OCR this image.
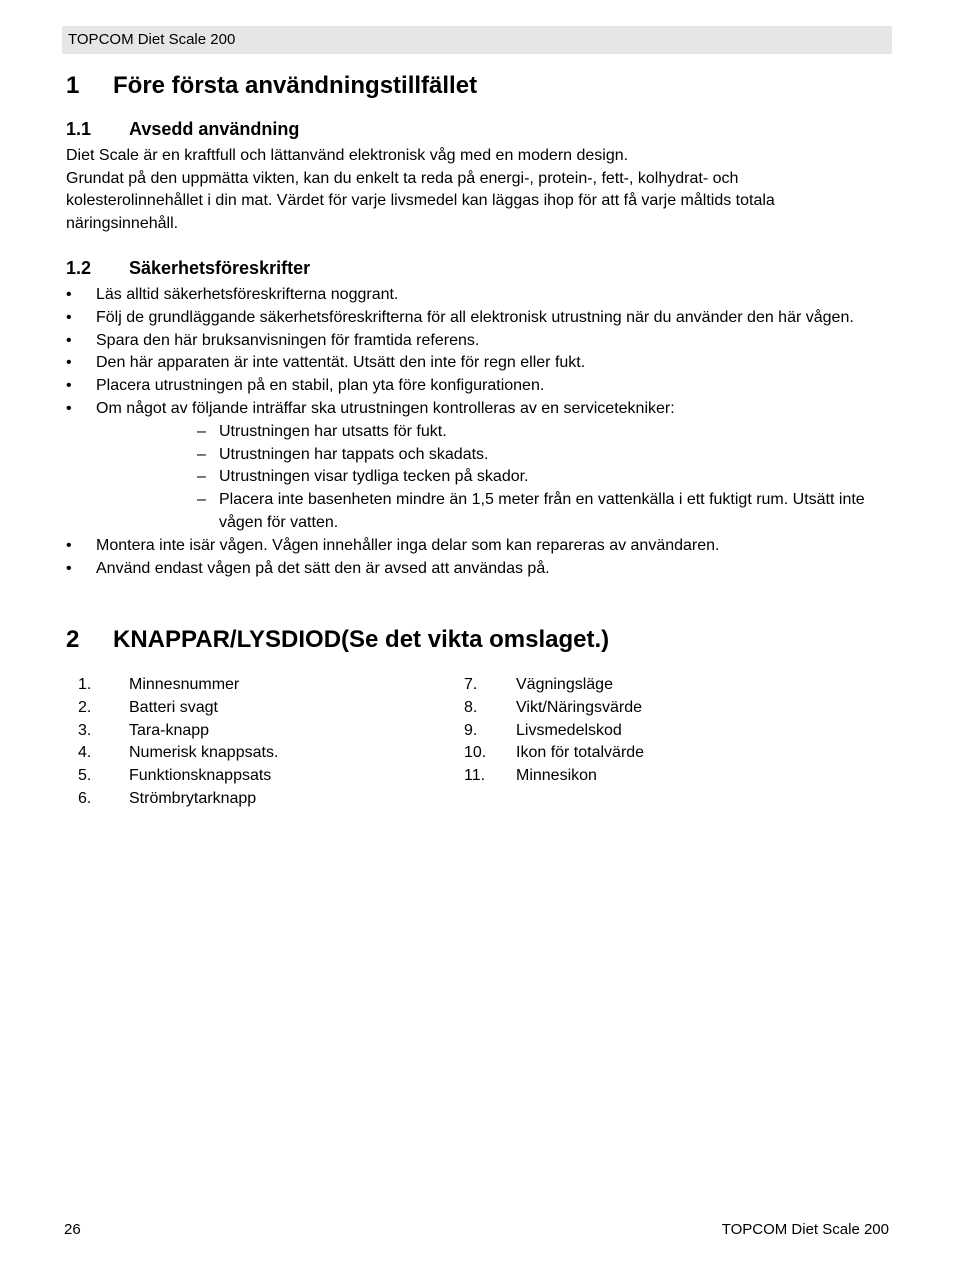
TOPCOM Diet Scale 200
1 Före första användningstillfället
1.1 Avsedd användning
Diet Scale är en kraftfull och lättanvänd elektronisk våg med en modern design.
Grundat på den uppmätta vikten, kan du enkelt ta reda på energi-, protein-, fett-, kolhydrat- och
kolesterolinnehållet i din mat. Värdet för varje livsmedel kan läggas ihop för att få varje måltids totala
näringsinnehåll.
1.2 Säkerhetsföreskrifter
• Läs alltid säkerhetsföreskrifterna noggrant.
• Följ de grundläggande säkerhetsföreskrifterna för all elektronisk utrustning när du använder den här vågen.
• Spara den här bruksanvisningen för framtida referens.
• Den här apparaten är inte vattentät. Utsätt den inte för regn eller fukt.
• Placera utrustningen på en stabil, plan yta före konfigurationen.
• Om något av följande inträffar ska utrustningen kontrolleras av en servicetekniker:
– Utrustningen har utsatts för fukt.
– Utrustningen har tappats och skadats.
– Utrustningen visar tydliga tecken på skador.
– Placera inte basenheten mindre än 1,5 meter från en vattenkälla i ett fuktigt rum. Utsätt inte vågen för vatten.
• Montera inte isär vågen. Vågen innehåller inga delar som kan repareras av användaren.
• Använd endast vågen på det sätt den är avsed att användas på.
2 KNAPPAR/LYSDIOD(Se det vikta omslaget.)
1. Minnesnummer
2. Batteri svagt
3. Tara-knapp
4. Numerisk knappsats.
5. Funktionsknappsats
6. Strömbrytarknapp
7. Vägningsläge
8. Vikt/Näringsvärde
9. Livsmedelskod
10. Ikon för totalvärde
11. Minnesikon
26	TOPCOM Diet Scale 200
